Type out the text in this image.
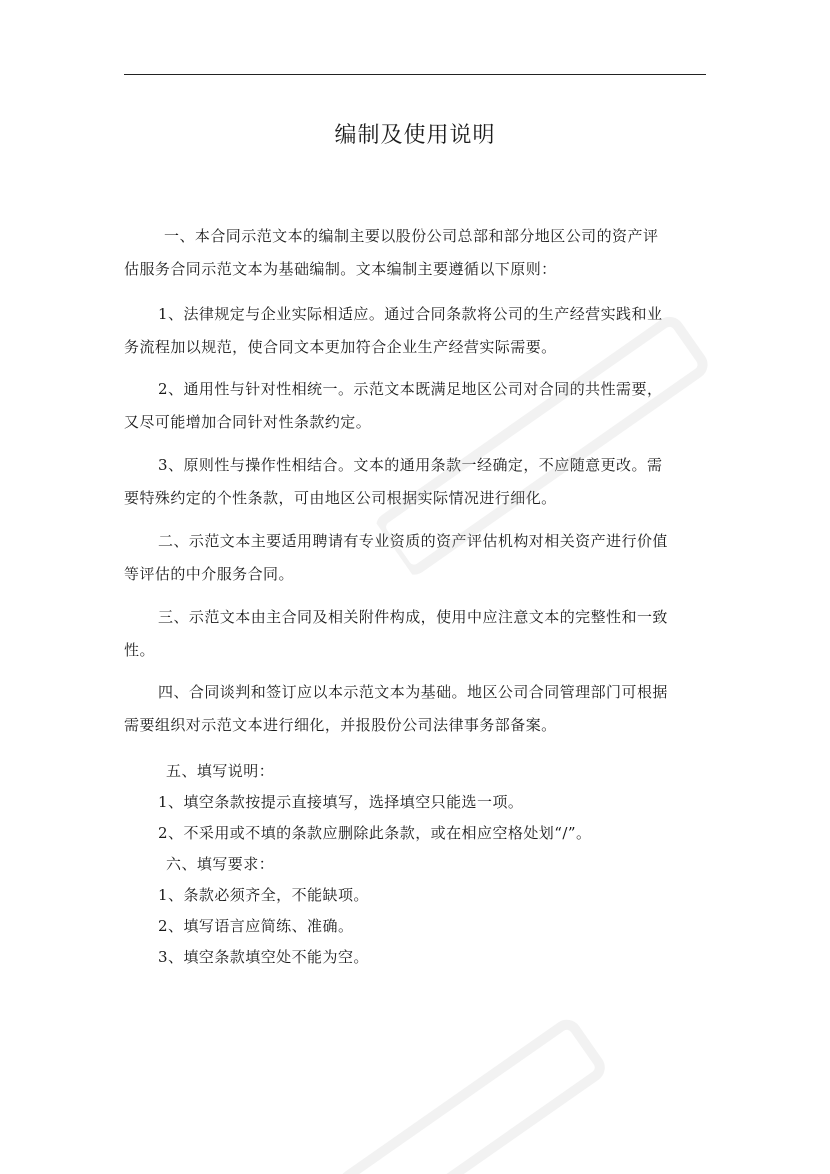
编制及使用说明
一、本合同示范文本的编制主要以股份公司总部和部分地区公司的资产评
估服务合同示范文本为基础编制。文本编制主要遵循以下原则：
1、法律规定与企业实际相适应。通过合同条款将公司的生产经营实践和业
务流程加以规范，使合同文本更加符合企业生产经营实际需要。
2、通用性与针对性相统一。示范文本既满足地区公司对合同的共性需要，
又尽可能增加合同针对性条款约定。
3、原则性与操作性相结合。文本的通用条款一经确定，不应随意更改。需
要特殊约定的个性条款，可由地区公司根据实际情况进行细化。
二、示范文本主要适用聘请有专业资质的资产评估机构对相关资产进行价值
等评估的中介服务合同。
三、示范文本由主合同及相关附件构成，使用中应注意文本的完整性和一致
性。
四、合同谈判和签订应以本示范文本为基础。地区公司合同管理部门可根据
需要组织对示范文本进行细化，并报股份公司法律事务部备案。
五、填写说明：
1、填空条款按提示直接填写，选择填空只能选一项。
2、不采用或不填的条款应删除此条款，或在相应空格处划“/”。
六、填写要求：
1、条款必须齐全，不能缺项。
2、填写语言应简练、准确。
3、填空条款填空处不能为空。
